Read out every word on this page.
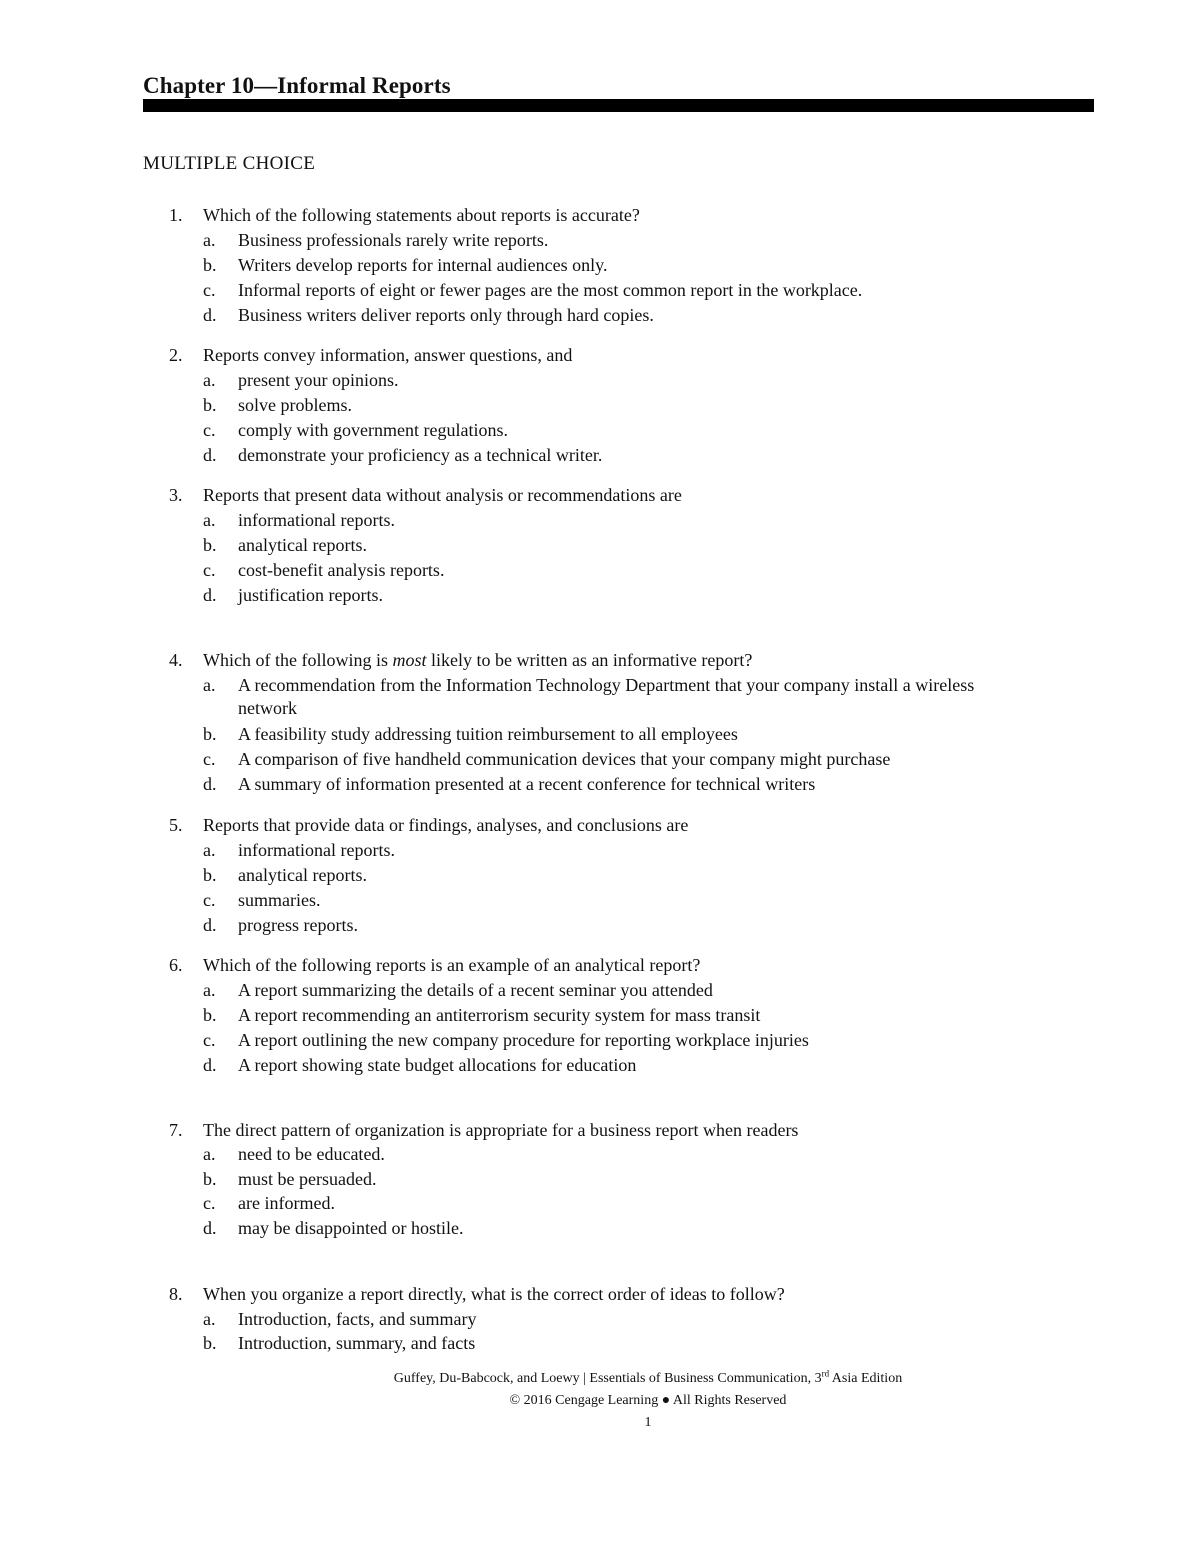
Chapter 10—Informal Reports
MULTIPLE CHOICE
1. Which of the following statements about reports is accurate?
a. Business professionals rarely write reports.
b. Writers develop reports for internal audiences only.
c. Informal reports of eight or fewer pages are the most common report in the workplace.
d. Business writers deliver reports only through hard copies.
2. Reports convey information, answer questions, and
a. present your opinions.
b. solve problems.
c. comply with government regulations.
d. demonstrate your proficiency as a technical writer.
3. Reports that present data without analysis or recommendations are
a. informational reports.
b. analytical reports.
c. cost-benefit analysis reports.
d. justification reports.
4. Which of the following is most likely to be written as an informative report?
a. A recommendation from the Information Technology Department that your company install a wireless network
b. A feasibility study addressing tuition reimbursement to all employees
c. A comparison of five handheld communication devices that your company might purchase
d. A summary of information presented at a recent conference for technical writers
5. Reports that provide data or findings, analyses, and conclusions are
a. informational reports.
b. analytical reports.
c. summaries.
d. progress reports.
6. Which of the following reports is an example of an analytical report?
a. A report summarizing the details of a recent seminar you attended
b. A report recommending an antiterrorism security system for mass transit
c. A report outlining the new company procedure for reporting workplace injuries
d. A report showing state budget allocations for education
7. The direct pattern of organization is appropriate for a business report when readers
a. need to be educated.
b. must be persuaded.
c. are informed.
d. may be disappointed or hostile.
8. When you organize a report directly, what is the correct order of ideas to follow?
a. Introduction, facts, and summary
b. Introduction, summary, and facts
Guffey, Du-Babcock, and Loewy | Essentials of Business Communication, 3rd Asia Edition
© 2016 Cengage Learning ● All Rights Reserved
1
